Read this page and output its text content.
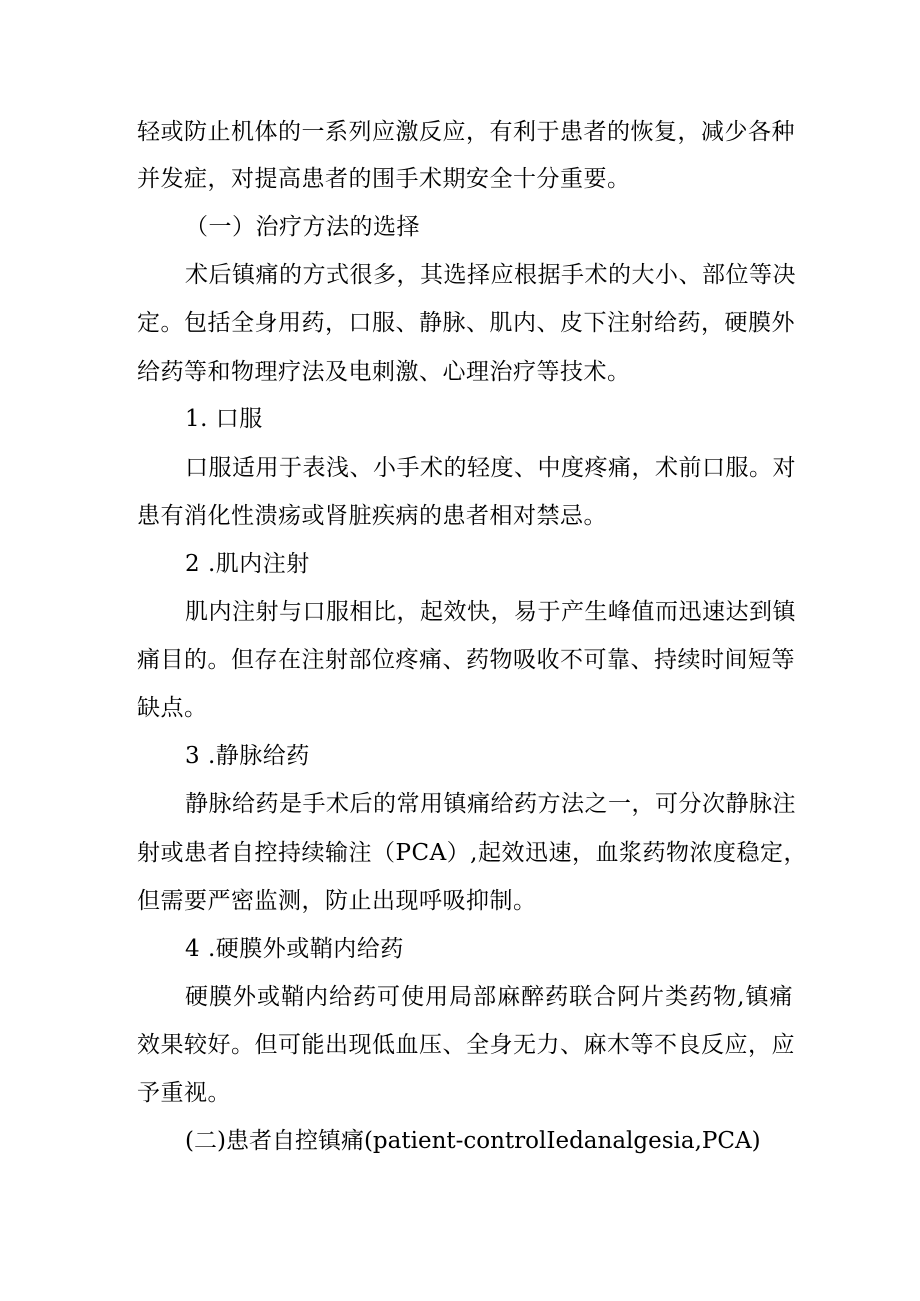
轻或防止机体的一系列应激反应，有利于患者的恢复，减少各种
并发症，对提高患者的围手术期安全十分重要。
（一）治疗方法的选择
术后镇痛的方式很多，其选择应根据手术的大小、部位等决
定。包括全身用药，口服、静脉、肌内、皮下注射给药，硬膜外
给药等和物理疗法及电刺激、心理治疗等技术。
1. 口服
口服适用于表浅、小手术的轻度、中度疼痛，术前口服。对
患有消化性溃疡或肾脏疾病的患者相对禁忌。
2 .肌内注射
肌内注射与口服相比，起效快，易于产生峰值而迅速达到镇
痛目的。但存在注射部位疼痛、药物吸收不可靠、持续时间短等
缺点。
3 .静脉给药
静脉给药是手术后的常用镇痛给药方法之一，可分次静脉注
射或患者自控持续输注（PCA）,起效迅速，血浆药物浓度稳定，
但需要严密监测，防止出现呼吸抑制。
4 .硬膜外或鞘内给药
硬膜外或鞘内给药可使用局部麻醉药联合阿片类药物,镇痛
效果较好。但可能出现低血压、全身无力、麻木等不良反应，应
予重视。
(二)患者自控镇痛(patient-controlIedanalgesia,PCA)
